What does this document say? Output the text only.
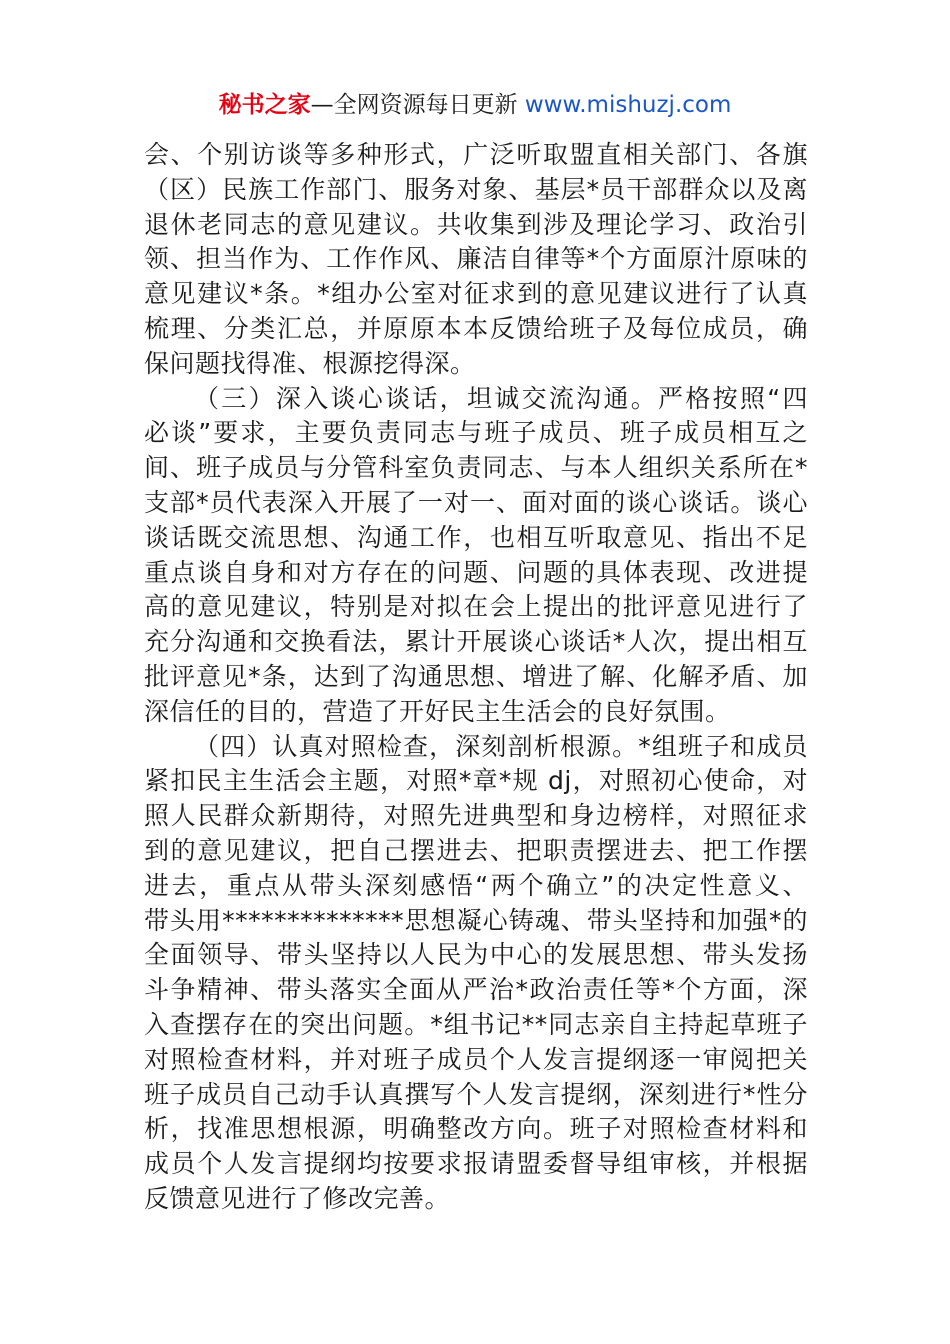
秘书之家—全网资源每日更新 www.mishuzj.com
会、个别访谈等多种形式，广泛听取盟直相关部门、各旗
（区）民族工作部门、服务对象、基层*员干部群众以及离
退休老同志的意见建议。共收集到涉及理论学习、政治引
领、担当作为、工作作风、廉洁自律等*个方面原汁原味的
意见建议*条。*组办公室对征求到的意见建议进行了认真
梳理、分类汇总，并原原本本反馈给班子及每位成员，确
保问题找得准、根源挖得深。
（三）深入谈心谈话，坦诚交流沟通。严格按照“四
必谈”要求，主要负责同志与班子成员、班子成员相互之
间、班子成员与分管科室负责同志、与本人组织关系所在*
支部*员代表深入开展了一对一、面对面的谈心谈话。谈心
谈话既交流思想、沟通工作，也相互听取意见、指出不足
重点谈自身和对方存在的问题、问题的具体表现、改进提
高的意见建议，特别是对拟在会上提出的批评意见进行了
充分沟通和交换看法，累计开展谈心谈话*人次，提出相互
批评意见*条，达到了沟通思想、增进了解、化解矛盾、加
深信任的目的，营造了开好民主生活会的良好氛围。
（四）认真对照检查，深刻剖析根源。*组班子和成员
紧扣民主生活会主题，对照*章*规 dj，对照初心使命，对
照人民群众新期待，对照先进典型和身边榜样，对照征求
到的意见建议，把自己摆进去、把职责摆进去、把工作摆
进去，重点从带头深刻感悟“两个确立”的决定性意义、
带头用**************思想凝心铸魂、带头坚持和加强*的
全面领导、带头坚持以人民为中心的发展思想、带头发扬
斗争精神、带头落实全面从严治*政治责任等*个方面，深
入查摆存在的突出问题。*组书记**同志亲自主持起草班子
对照检查材料，并对班子成员个人发言提纲逐一审阅把关
班子成员自己动手认真撰写个人发言提纲，深刻进行*性分
析，找准思想根源，明确整改方向。班子对照检查材料和
成员个人发言提纲均按要求报请盟委督导组审核，并根据
反馈意见进行了修改完善。
